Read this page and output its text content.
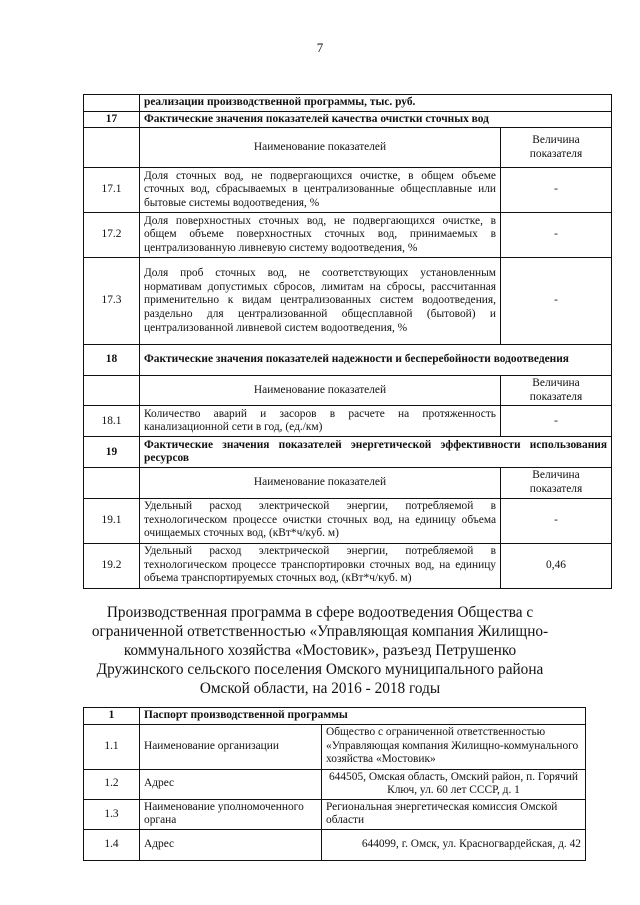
7
	реализации производственной программы, тыс. руб.	
17	Фактические значения показателей качества очистки сточных вод	
	Наименование показателей	Величина показателя
17.1	Доля сточных вод, не подвергающихся очистке, в общем объеме сточных вод, сбрасываемых в централизованные общесплавные или бытовые системы водоотведения, %	-
17.2	Доля поверхностных сточных вод, не подвергающихся очистке, в общем объеме поверхностных сточных вод, принимаемых в централизованную ливневую систему водоотведения, %	-
17.3	Доля проб сточных вод, не соответствующих установленным нормативам допустимых сбросов, лимитам на сбросы, рассчитанная применительно к видам централизованных систем водоотведения, раздельно для централизованной общесплавной (бытовой) и централизованной ливневой систем водоотведения, %	-
18	Фактические значения показателей надежности и бесперебойности водоотведения	
	Наименование показателей	Величина показателя
18.1	Количество аварий и засоров в расчете на протяженность канализационной сети в год, (ед./км)	-
19	Фактические значения показателей энергетической эффективности использования ресурсов	
	Наименование показателей	Величина показателя
19.1	Удельный расход электрической энергии, потребляемой в технологическом процессе очистки сточных вод, на единицу объема очищаемых сточных вод, (кВт*ч/куб. м)	-
19.2	Удельный расход электрической энергии, потребляемой в технологическом процессе транспортировки сточных вод, на единицу объема транспортируемых сточных вод, (кВт*ч/куб. м)	0,46
Производственная программа в сфере водоотведения Общества с ограниченной ответственностью «Управляющая компания Жилищно-коммунального хозяйства «Мостовик», разъезд Петрушенко Дружинского сельского поселения Омского муниципального района Омской области, на 2016 - 2018 годы
1	Паспорт производственной программы	
1.1	Наименование организации	Общество с ограниченной ответственностью «Управляющая компания Жилищно-коммунального хозяйства «Мостовик»
1.2	Адрес	644505, Омская область, Омский район, п. Горячий Ключ, ул. 60 лет СССР, д. 1
1.3	Наименование уполномоченного органа	Региональная энергетическая комиссия Омской области
1.4	Адрес	644099, г. Омск, ул. Красногвардейская, д. 42
